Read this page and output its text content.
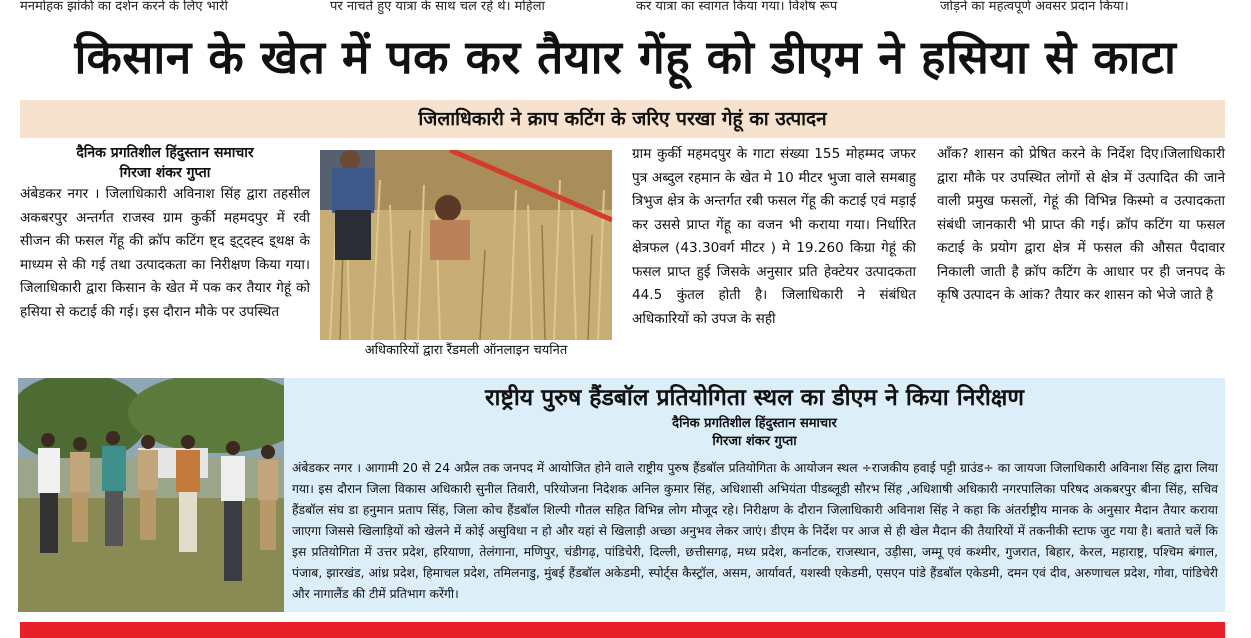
मनमोहक झांकी का दर्शन करने के लिए भारी	पर नाचते हुए यात्रा के साथ चल रहे थे। महिला	कर यात्रा का स्वागत किया गया। विशेष रूप	जोड़ने का महत्वपूर्ण अवसर प्रदान किया।
किसान के खेत में पक कर तैयार गेंहू को डीएम ने हसिया से काटा
जिलाधिकारी ने क्राप कटिंग के जरिए परखा गेहूं का उत्पादन

दैनिक प्रगतिशील हिंदुस्तान समाचार

गिरजा शंकर गुप्ता

अंबेडकर नगर । जिलाधिकारी अविनाश सिंह द्वारा तहसील अकबरपुर अन्तर्गत राजस्व ग्राम कुर्की महमदपुर में रवी सीजन की फसल गेंहू की क्रॉप कटिंग ष्ट्द इ्ट्दह्द इ्थक्ष के माध्यम से की गई तथा उत्पादकता का निरीक्षण किया गया। जिलाधिकारी द्वारा किसान के खेत में पक कर तैयार गेहूं को हसिया से कटाई की गई। इस दौरान मौके पर उपस्थित

अधिकारियों द्वारा रैंडमली ऑनलाइन चयनित

ग्राम कुर्की महमदपुर के गाटा संख्या 155 मोहम्मद जफर पुत्र अब्दुल रहमान के खेत मे 10 मीटर भुजा वाले समबाहु त्रिभुज क्षेत्र के अन्तर्गत रबी फसल गेंहू की कटाई एवं मड़ाई कर उससे प्राप्त गेंहू का वजन भी कराया गया। निर्धारित क्षेत्रफल (43.30वर्ग मीटर ) मे 19.260 किग्रा गेहूं की फसल प्राप्त हुई जिसके अनुसार प्रति हेक्टेयर उत्पादकता 44.5 कुंतल होती है। जिलाधिकारी ने संबंधित अधिकारियों को उपज के सही

आँक? शासन को प्रेषित करने के निर्देश दिए।जिलाधिकारी द्वारा मौके पर उपस्थित लोगों से क्षेत्र में उत्पादित की जाने वाली प्रमुख फसलों, गेहूं की विभिन्न किस्मो व उत्पादकता संबंधी जानकारी भी प्राप्त की गई। क्रॉप कटिंग या फसल कटाई के प्रयोग द्वारा क्षेत्र में फसल की औसत पैदावार निकाली जाती है क्रॉप कटिंग के आधार पर ही जनपद के कृषि उत्पादन के आंक? तैयार कर शासन को भेजे जाते है

राष्ट्रीय पुरुष हैंडबॉल प्रतियोगिता स्थल का डीएम ने किया निरीक्षण
दैनिक प्रगतिशील हिंदुस्तान समाचार
गिरजा शंकर गुप्ता

अंबेडकर नगर । आगामी 20 से 24 अप्रैल तक जनपद में आयोजित होने वाले राष्ट्रीय पुरुष हैंडबॉल प्रतियोगिता के आयोजन स्थल ÷राजकीय हवाई पट्टी ग्राउंड÷ का जायजा जिलाधिकारी अविनाश सिंह द्वारा लिया गया। इस दौरान जिला विकास अधिकारी सुनील तिवारी, परियोजना निदेशक अनिल कुमार सिंह, अधिशासी अभियंता पीडब्लूडी सौरभ सिंह ,अधिशाषी अधिकारी नगरपालिका परिषद अकबरपुर बीना सिंह, सचिव हैंडबॉल संघ डा हनुमान प्रताप सिंह, जिला कोच हैंडबॉल शिल्पी गौतल सहित विभिन्न लोग मौजूद रहे। निरीक्षण के दौरान जिलाधिकारी अविनाश सिंह ने कहा कि अंतर्राष्ट्रीय मानक के अनुसार मैदान तैयार कराया जाएगा जिससे खिलाड़ियों को खेलने में कोई असुविधा न हो और यहां से खिलाड़ी अच्छा अनुभव लेकर जाएं। डीएम के निर्देश पर आज से ही खेल मैदान की तैयारियों में तकनीकी स्टाफ जुट गया है। बताते चलें कि इस प्रतियोगिता में उत्तर प्रदेश, हरियाणा, तेलंगाना, मणिपुर, चंडीगढ़, पांडिचेरी, दिल्ली, छत्तीसगढ़, मध्य प्रदेश, कर्नाटक, राजस्थान, उड़ीसा, जम्मू एवं कश्मीर, गुजरात, बिहार, केरल, महाराष्ट्र, पश्चिम बंगाल, पंजाब, झारखंड, आंध्र प्रदेश, हिमाचल प्रदेश, तमिलनाडु, मुंबई हैंडबॉल अकेडमी, स्पोर्ट्स कैस्ट्रॉल, असम, आर्यावर्त, यशस्वी एकेडमी, एसएन पांडे हैंडबॉल एकेडमी, दमन एवं दीव, अरुणाचल प्रदेश, गोवा, पांडिचेरी और नागालैंड की टीमें प्रतिभाग करेंगी।
